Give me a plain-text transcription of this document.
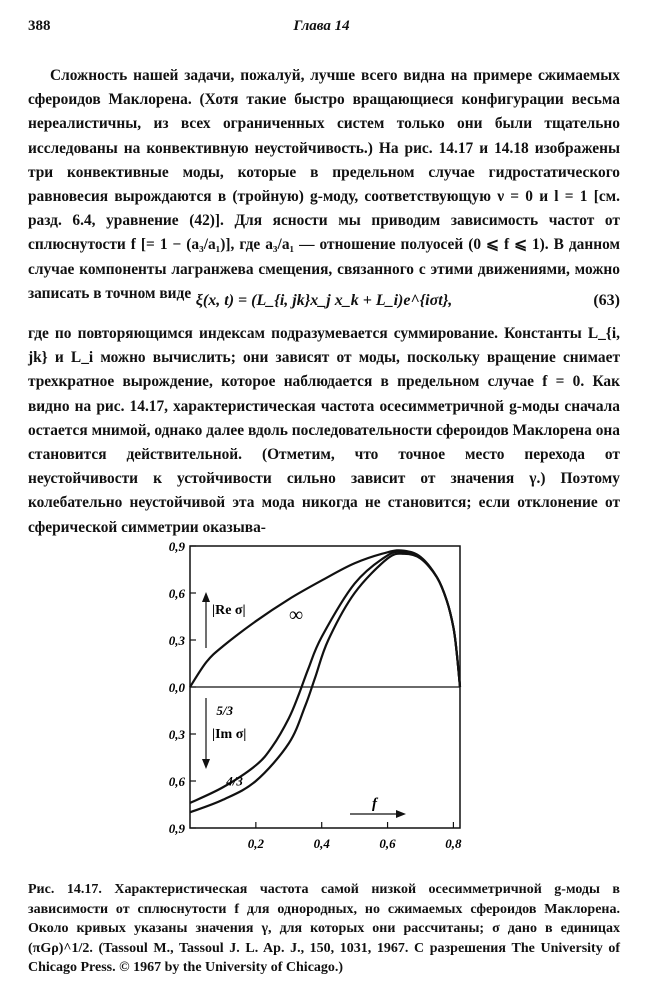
388	Глава 14
Сложность нашей задачи, пожалуй, лучше всего видна на примере сжимаемых сфероидов Маклорена. (Хотя такие быстро вращающиеся конфигурации весьма нереалистичны, из всех ограниченных систем только они были тщательно исследованы на конвективную неустойчивость.) На рис. 14.17 и 14.18 изображены три конвективные моды, которые в предельном случае гидростатического равновесия вырождаются в (тройную) g-моду, соответствующую ν = 0 и l = 1 [см. разд. 6.4, уравнение (42)]. Для ясности мы приводим зависимость частот от сплюснутости f [= 1 − (a₃/a₁)], где a₃/a₁ — отношение полуосей (0 ⩽ f ⩽ 1). В данном случае компоненты лагранжева смещения, связанного с этими движениями, можно записать в точном виде ξ(x, t) = (L_{i, jk}x_j x_k + L_i)e^{iσt},	(63)
где по повторяющимся индексам подразумевается суммирование. Константы L_{i, jk} и L_i можно вычислить; они зависят от моды, поскольку вращение снимает трехкратное вырождение, которое наблюдается в предельном случае f = 0. Как видно на рис. 14.17, характеристическая частота осесимметричной g-моды сначала остается мнимой, однако далее вдоль последовательности сфероидов Маклорена она становится действительной. (Отметим, что точное место перехода от неустойчивости к устойчивости сильно зависит от значения γ.) Поэтому колебательно неустойчивой эта мода никогда не становится; если отклонение от сферической симметрии оказыва-
0,9
0,6
0,3
0,0
0,3
0,6
0,9
0,2	0,4	0,6	0,8
|Re σ|
|Im σ|
f
∞
5/3
4/3
Рис. 14.17. Характеристическая частота самой низкой осесимметричной g-моды в зависимости от сплюснутости f для однородных, но сжимаемых сфероидов Маклорена. Около кривых указаны значения γ, для которых они рассчитаны; σ дано в единицах (πGρ)^1/2. (Tassoul M., Tassoul J. L. Ap. J., 150, 1031, 1967. С разрешения The University of Chicago Press. © 1967 by the University of Chicago.)
